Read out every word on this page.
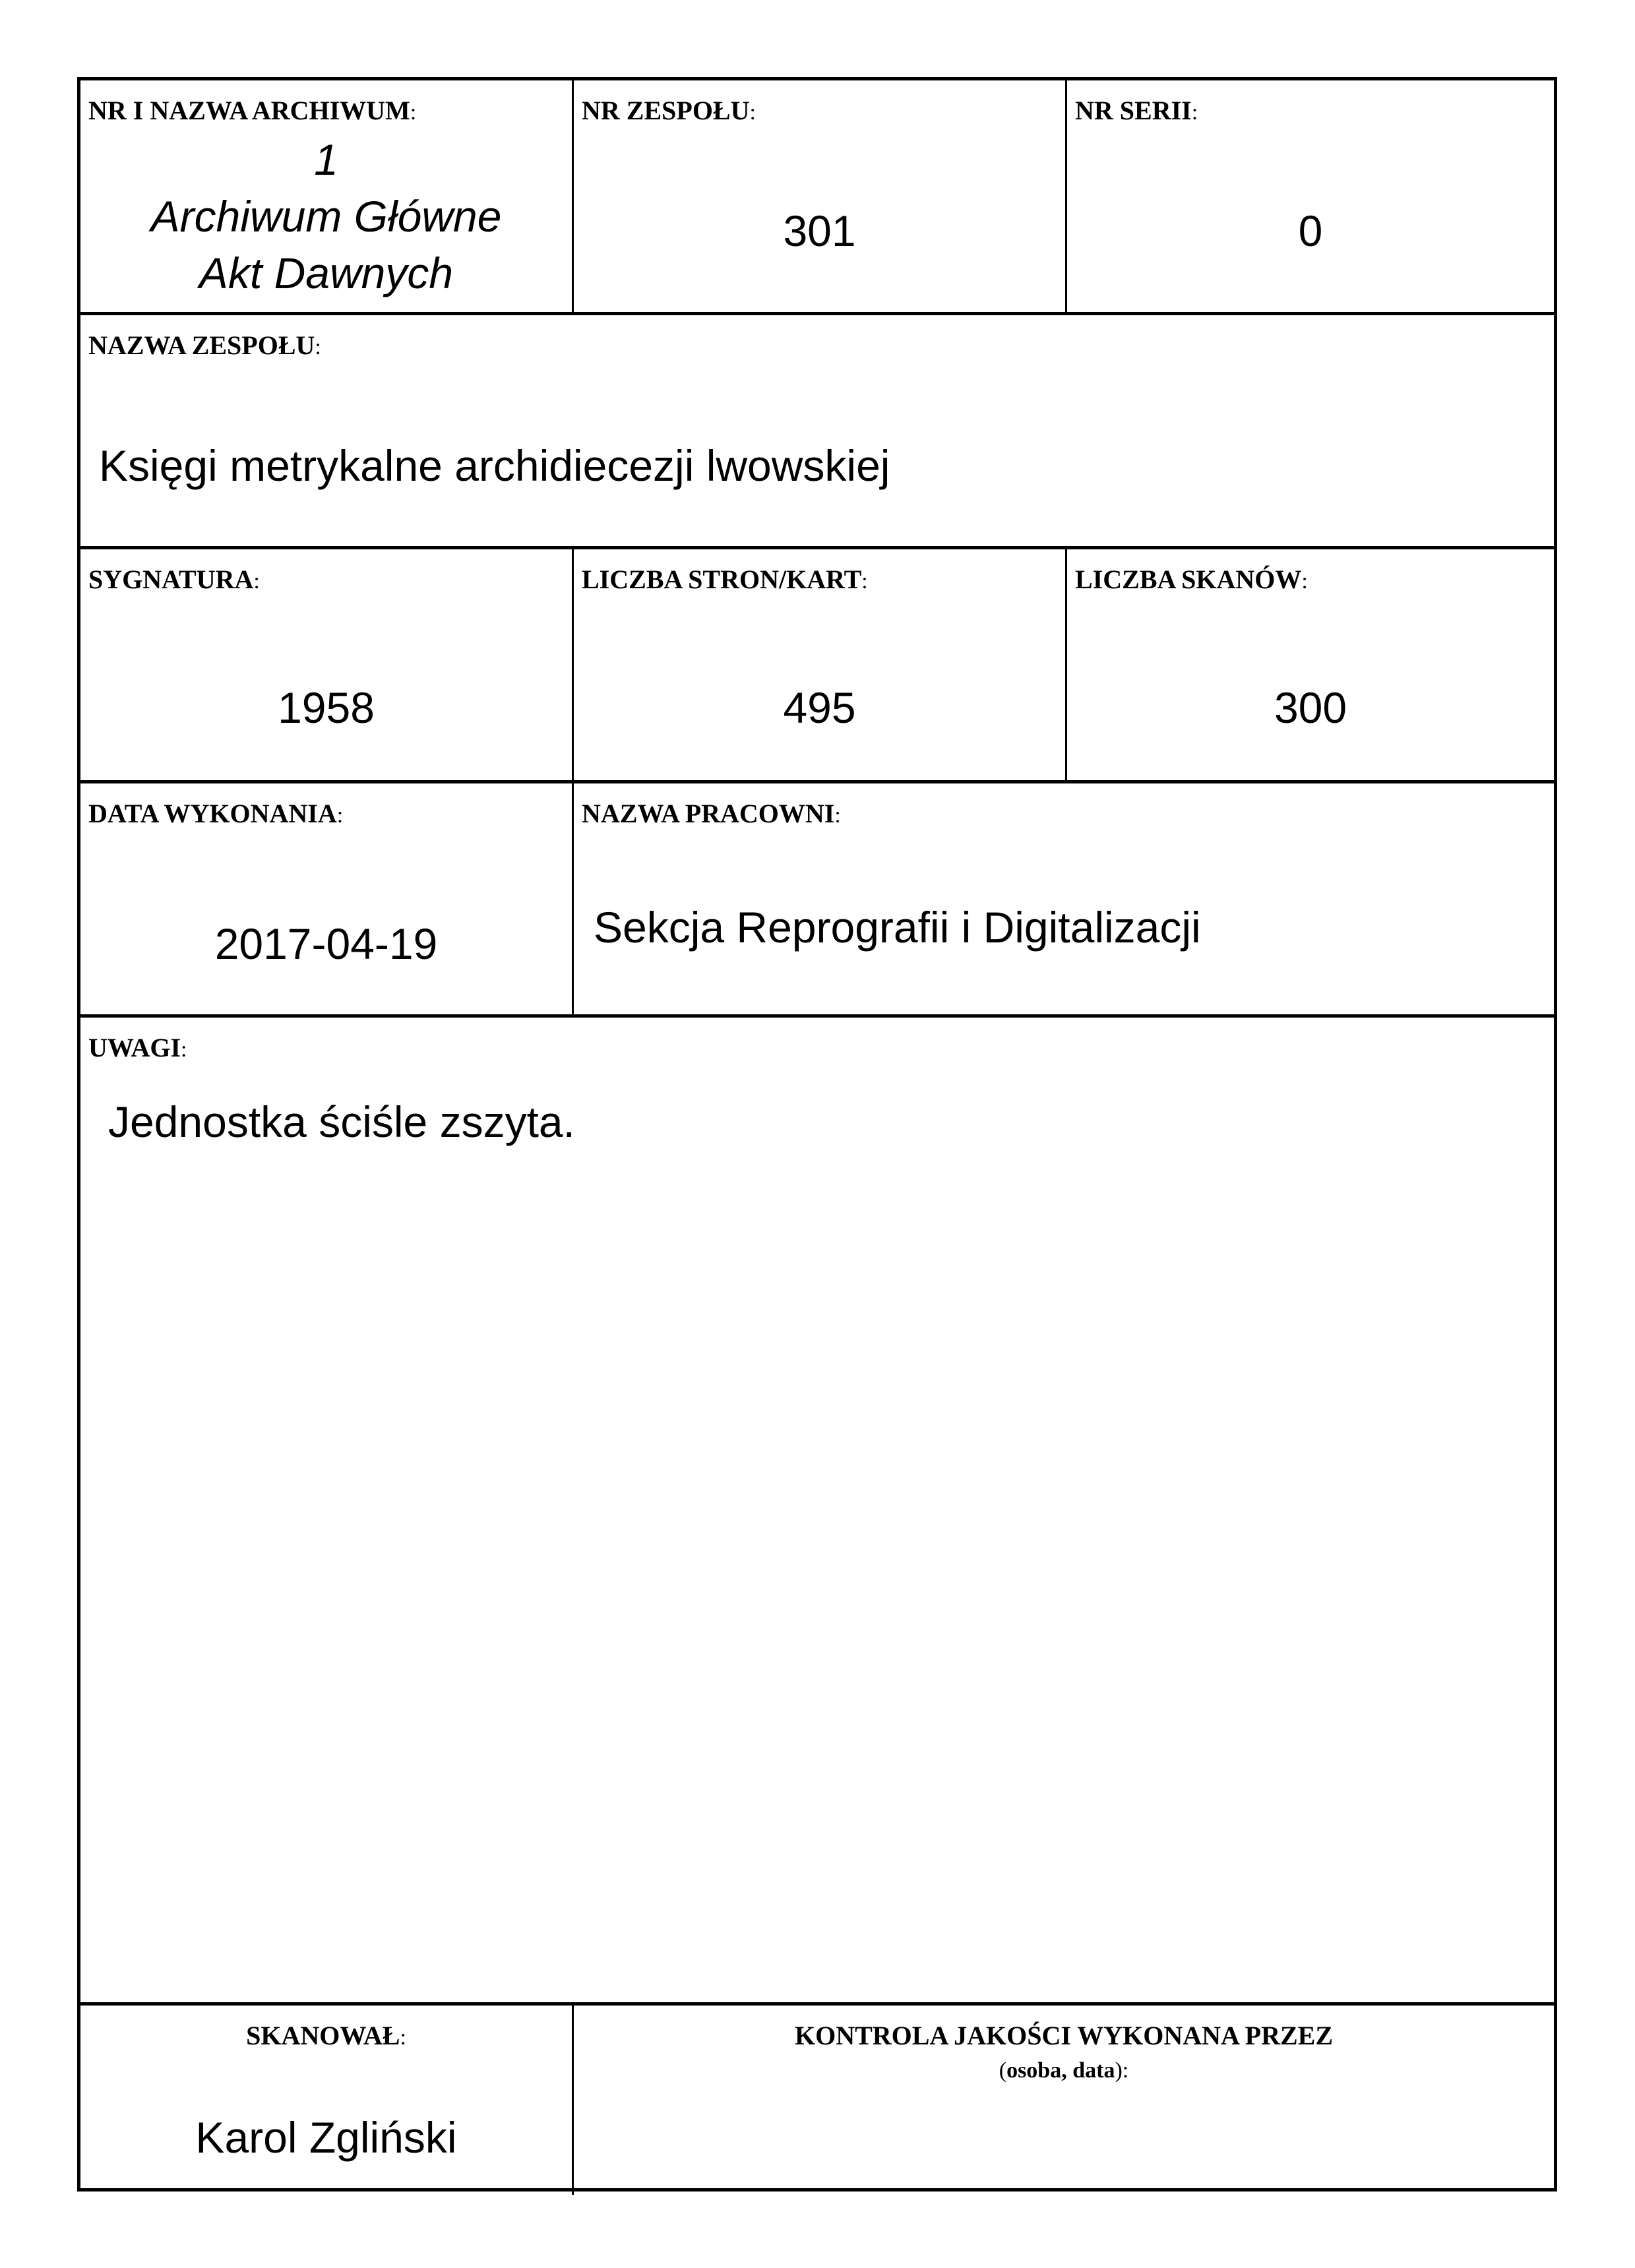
NR I NAZWA ARCHIWUM:
1
Archiwum Główne
Akt Dawnych
NR ZESPOŁU:
301
NR SERII:
0
NAZWA ZESPOŁU:
Księgi metrykalne archidiecezji lwowskiej
SYGNATURA:
1958
LICZBA STRON/KART:
495
LICZBA SKANÓW:
300
DATA WYKONANIA:
2017-04-19
NAZWA PRACOWNI:
Sekcja Reprografii i Digitalizacji
UWAGI:
Jednostka ściśle zszyta.
SKANOWAŁ:
Karol Zgliński
KONTROLA JAKOŚCI WYKONANA PRZEZ
(osoba, data):
